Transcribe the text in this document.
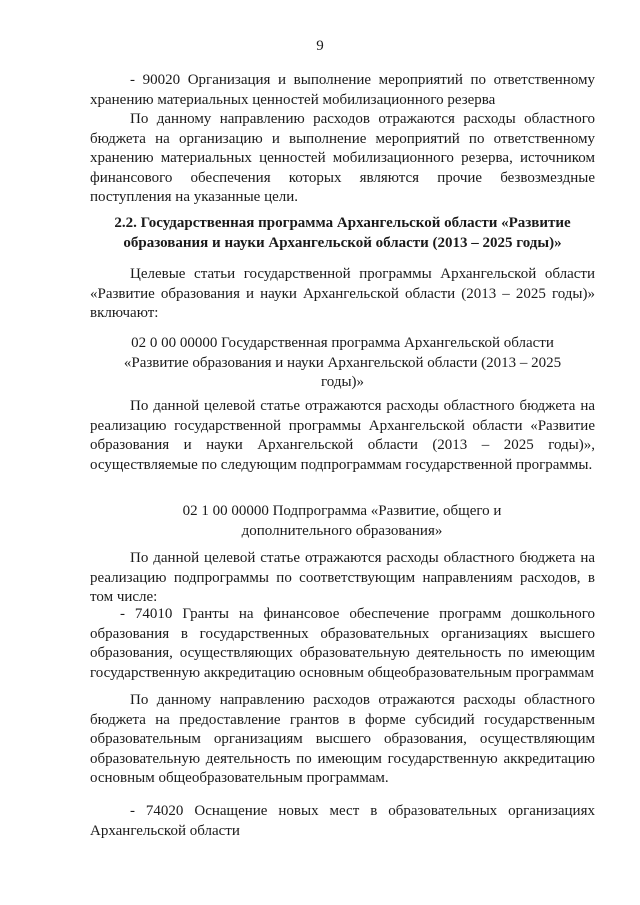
9

- 90020 Организация и выполнение мероприятий по ответственному хранению материальных ценностей мобилизационного резерва

По данному направлению расходов отражаются расходы областного бюджета на организацию и выполнение мероприятий по ответственному хранению материальных ценностей мобилизационного резерва, источником финансового обеспечения которых являются прочие безвозмездные поступления на указанные цели.

2.2. Государственная программа Архангельской области «Развитие образования и науки Архангельской области (2013 – 2025 годы)»

Целевые статьи государственной программы Архангельской области «Развитие образования и науки Архангельской области (2013 – 2025 годы)» включают:

02 0 00 00000 Государственная программа Архангельской области «Развитие образования и науки Архангельской области (2013 – 2025 годы)»

По данной целевой статье отражаются расходы областного бюджета на реализацию государственной программы Архангельской области «Развитие образования и науки Архангельской области (2013 – 2025 годы)», осуществляемые по следующим подпрограммам государственной программы.

02 1 00 00000 Подпрограмма «Развитие, общего и дополнительного образования»

По данной целевой статье отражаются расходы областного бюджета на реализацию подпрограммы по соответствующим направлениям расходов, в том числе:

- 74010 Гранты на финансовое обеспечение программ дошкольного образования в государственных образовательных организациях высшего образования, осуществляющих образовательную деятельность по имеющим государственную аккредитацию основным общеобразовательным программам

По данному направлению расходов отражаются расходы областного бюджета на предоставление грантов в форме субсидий государственным образовательным организациям высшего образования, осуществляющим образовательную деятельность по имеющим государственную аккредитацию основным общеобразовательным программам.

- 74020 Оснащение новых мест в образовательных организациях Архангельской области
